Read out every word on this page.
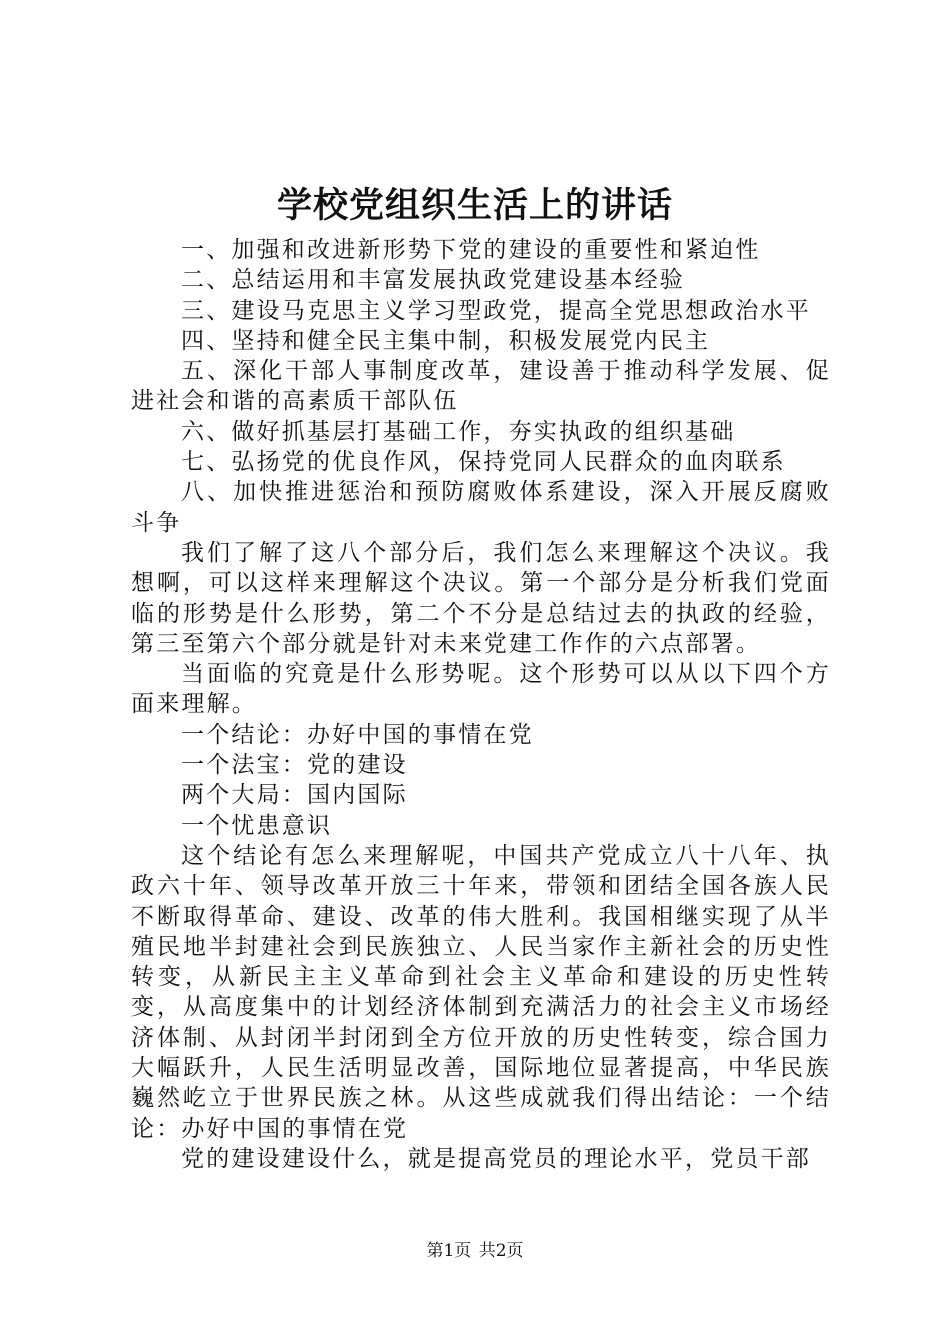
学校党组织生活上的讲话

一、加强和改进新形势下党的建设的重要性和紧迫性

二、总结运用和丰富发展执政党建设基本经验

三、建设马克思主义学习型政党，提高全党思想政治水平

四、坚持和健全民主集中制，积极发展党内民主

五、深化干部人事制度改革，建设善于推动科学发展、促进社会和谐的高素质干部队伍

六、做好抓基层打基础工作，夯实执政的组织基础

七、弘扬党的优良作风，保持党同人民群众的血肉联系

八、加快推进惩治和预防腐败体系建设，深入开展反腐败斗争

我们了解了这八个部分后，我们怎么来理解这个决议。我想啊，可以这样来理解这个决议。第一个部分是分析我们党面临的形势是什么形势，第二个不分是总结过去的执政的经验，第三至第六个部分就是针对未来党建工作作的六点部署。

当面临的究竟是什么形势呢。这个形势可以从以下四个方面来理解。

一个结论：办好中国的事情在党

一个法宝：党的建设

两个大局：国内国际

一个忧患意识

这个结论有怎么来理解呢，中国共产党成立八十八年、执政六十年、领导改革开放三十年来，带领和团结全国各族人民不断取得革命、建设、改革的伟大胜利。我国相继实现了从半殖民地半封建社会到民族独立、人民当家作主新社会的历史性转变，从新民主主义革命到社会主义革命和建设的历史性转变，从高度集中的计划经济体制到充满活力的社会主义市场经济体制、从封闭半封闭到全方位开放的历史性转变，综合国力大幅跃升，人民生活明显改善，国际地位显著提高，中华民族巍然屹立于世界民族之林。从这些成就我们得出结论：一个结论：办好中国的事情在党

党的建设建设什么，就是提高党员的理论水平，党员干部

第1页 共2页
